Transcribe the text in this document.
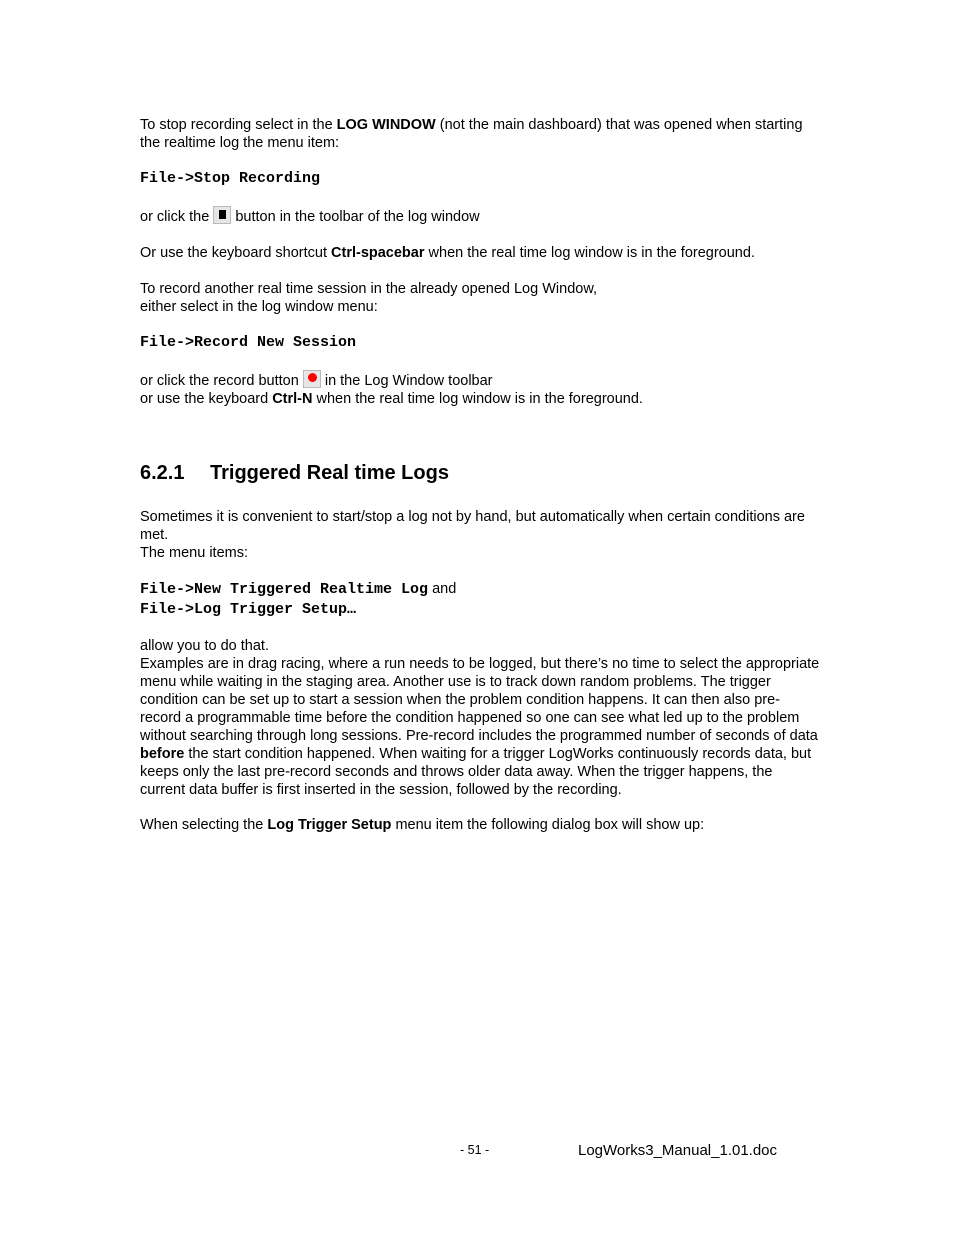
To stop recording select in the LOG WINDOW (not the main dashboard) that was opened when starting the realtime log the menu item:

File->Stop Recording

or click the
button in the toolbar of the log window

Or use the keyboard shortcut Ctrl-spacebar when the real time log window is in the foreground.

To record another real time session in the already opened Log Window,
either select in the log window menu:

File->Record New Session

or click the record button
in the Log Window toolbar
or use the keyboard Ctrl-N when the real time log window is in the foreground.

6.2.1 Triggered Real time Logs

Sometimes it is convenient to start/stop a log not by hand, but automatically when certain conditions are met.
The menu items:

File->New Triggered Realtime Log and

File->Log Trigger Setup…

allow you to do that.
Examples are in drag racing, where a run needs to be logged, but there’s no time to select the appropriate menu while waiting in the staging area. Another use is to track down random problems. The trigger condition can be set up to start a session when the problem condition happens. It can then also pre-record a programmable time before the condition happened so one can see what led up to the problem without searching through long sessions. Pre-record includes the programmed number of seconds of data before the start condition happened. When waiting for a trigger LogWorks continuously records data, but keeps only the last pre-record seconds and throws older data away. When the trigger happens, the current data buffer is first inserted in the session, followed by the recording.

When selecting the Log Trigger Setup menu item the following dialog box will show up:

- 51 -	LogWorks3_Manual_1.01.doc
